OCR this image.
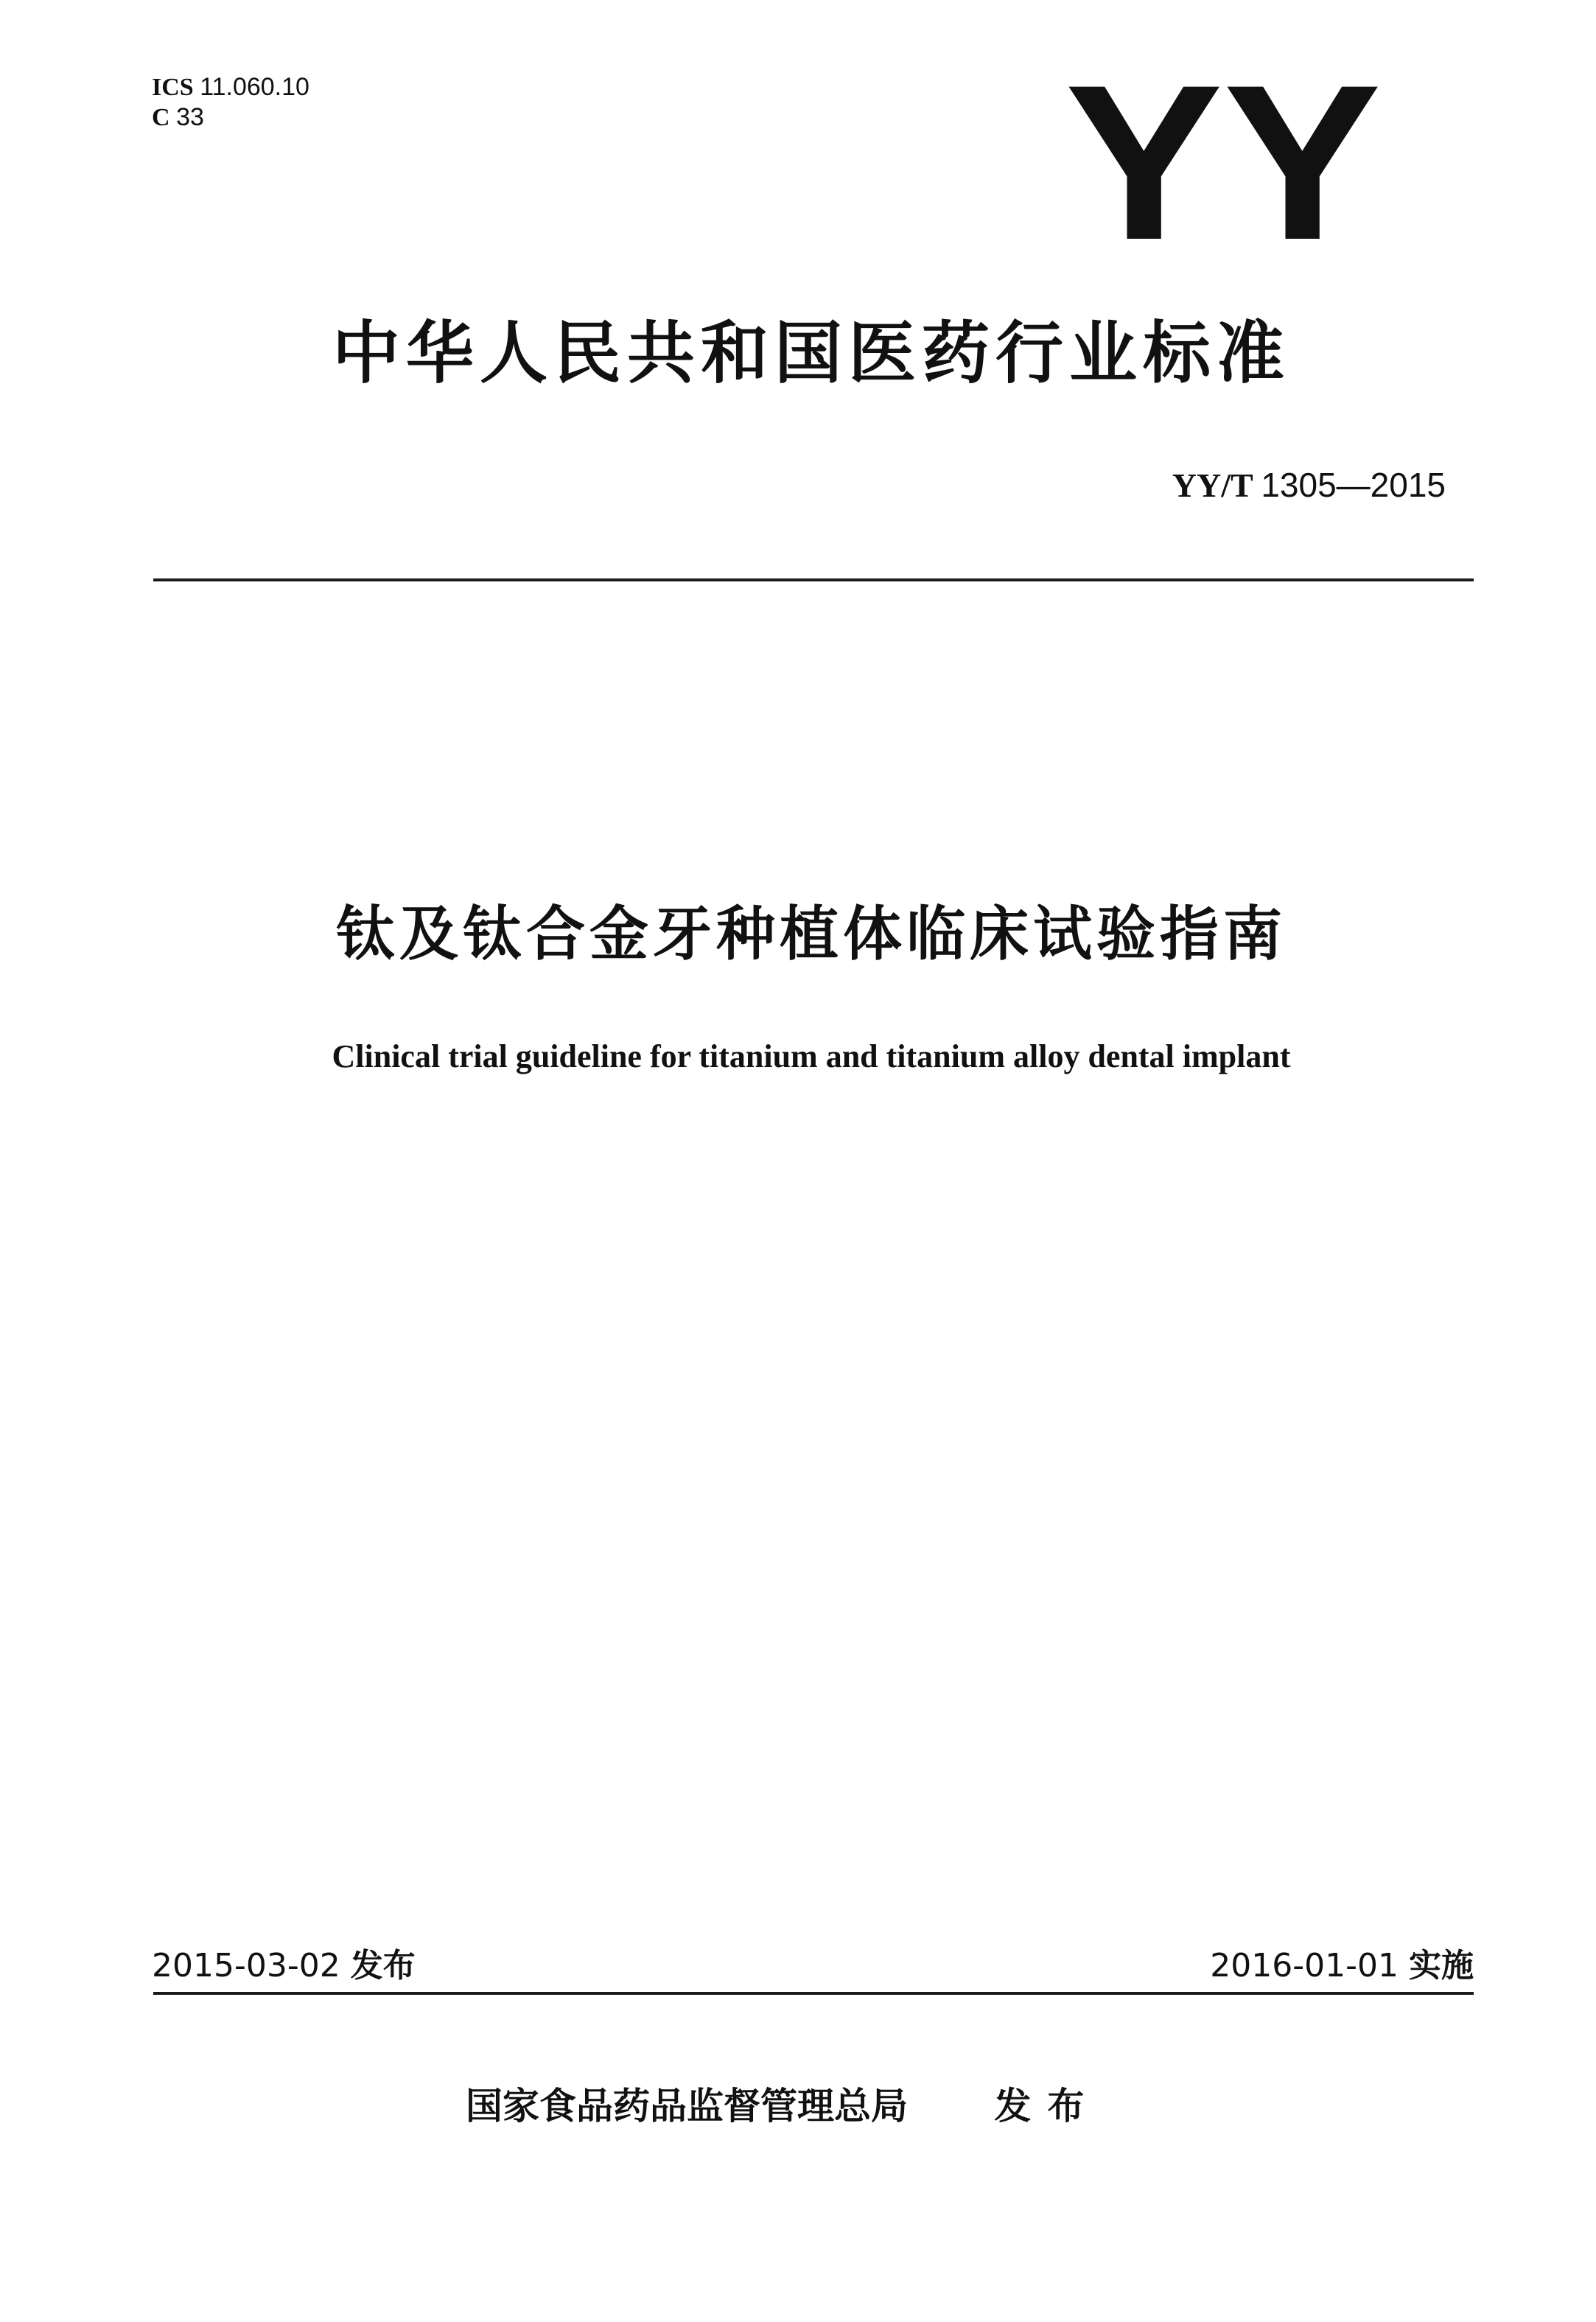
ICS 11.060.10
C 33	YY
中华人民共和国医药行业标准
YY/T 1305—2015
钛及钛合金牙种植体临床试验指南
Clinical trial guideline for titanium and titanium alloy dental implant
2015-03-02 发布	2016-01-01 实施
国家食品药品监督管理总局 发布
